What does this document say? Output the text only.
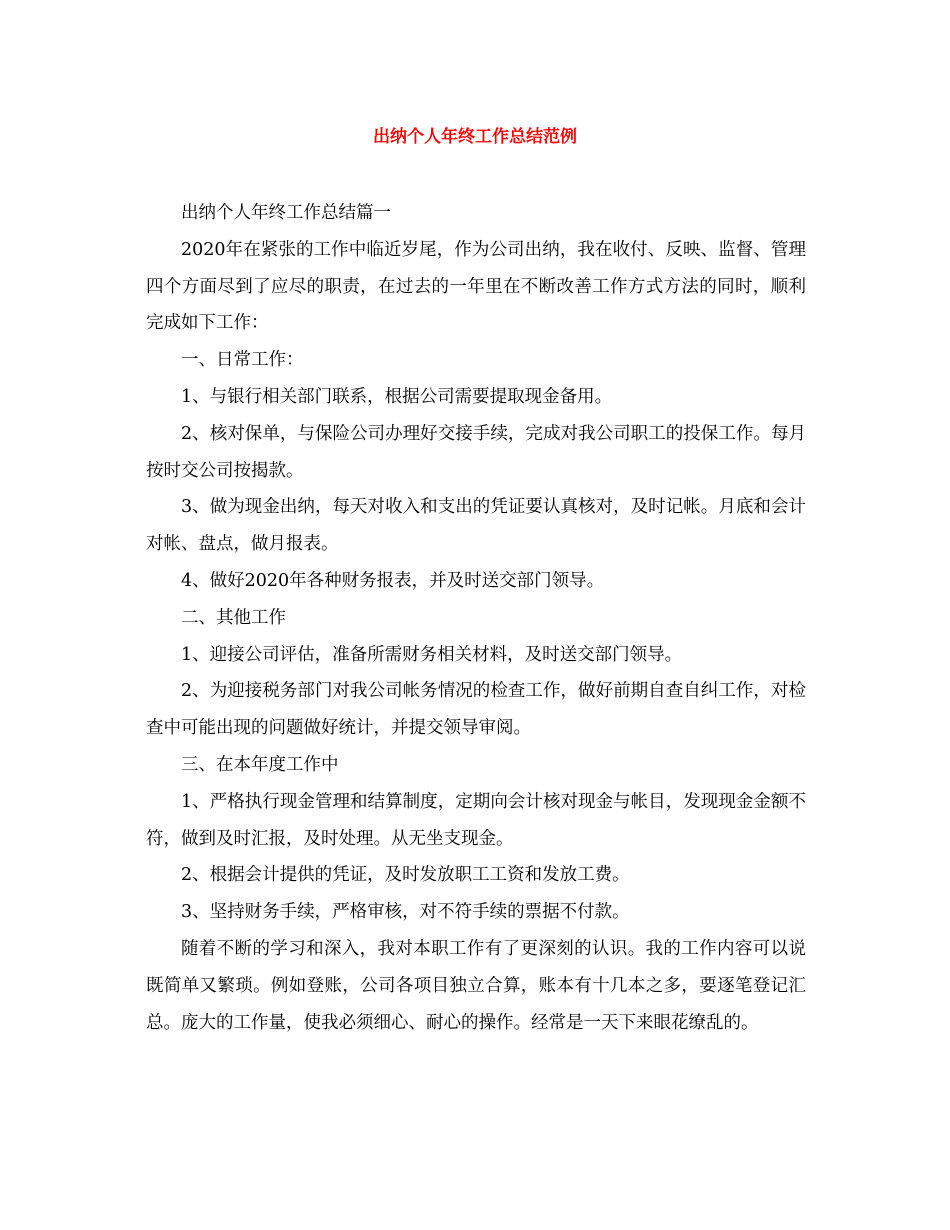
出纳个人年终工作总结范例

出纳个人年终工作总结篇一

2020年在紧张的工作中临近岁尾，作为公司出纳，我在收付、反映、监督、管理四个方面尽到了应尽的职责，在过去的一年里在不断改善工作方式方法的同时，顺利完成如下工作：

一、日常工作：

1、与银行相关部门联系，根据公司需要提取现金备用。

2、核对保单，与保险公司办理好交接手续，完成对我公司职工的投保工作。每月按时交公司按揭款。

3、做为现金出纳，每天对收入和支出的凭证要认真核对，及时记帐。月底和会计对帐、盘点，做月报表。

4、做好2020年各种财务报表，并及时送交部门领导。

二、其他工作

1、迎接公司评估，准备所需财务相关材料，及时送交部门领导。

2、为迎接税务部门对我公司帐务情况的检查工作，做好前期自查自纠工作，对检查中可能出现的问题做好统计，并提交领导审阅。

三、在本年度工作中

1、严格执行现金管理和结算制度，定期向会计核对现金与帐目，发现现金金额不符，做到及时汇报，及时处理。从无坐支现金。

2、根据会计提供的凭证，及时发放职工工资和发放工费。

3、坚持财务手续，严格审核，对不符手续的票据不付款。

随着不断的学习和深入，我对本职工作有了更深刻的认识。我的工作内容可以说既简单又繁琐。例如登账，公司各项目独立合算，账本有十几本之多，要逐笔登记汇总。庞大的工作量，使我必须细心、耐心的操作。经常是一天下来眼花缭乱的。
